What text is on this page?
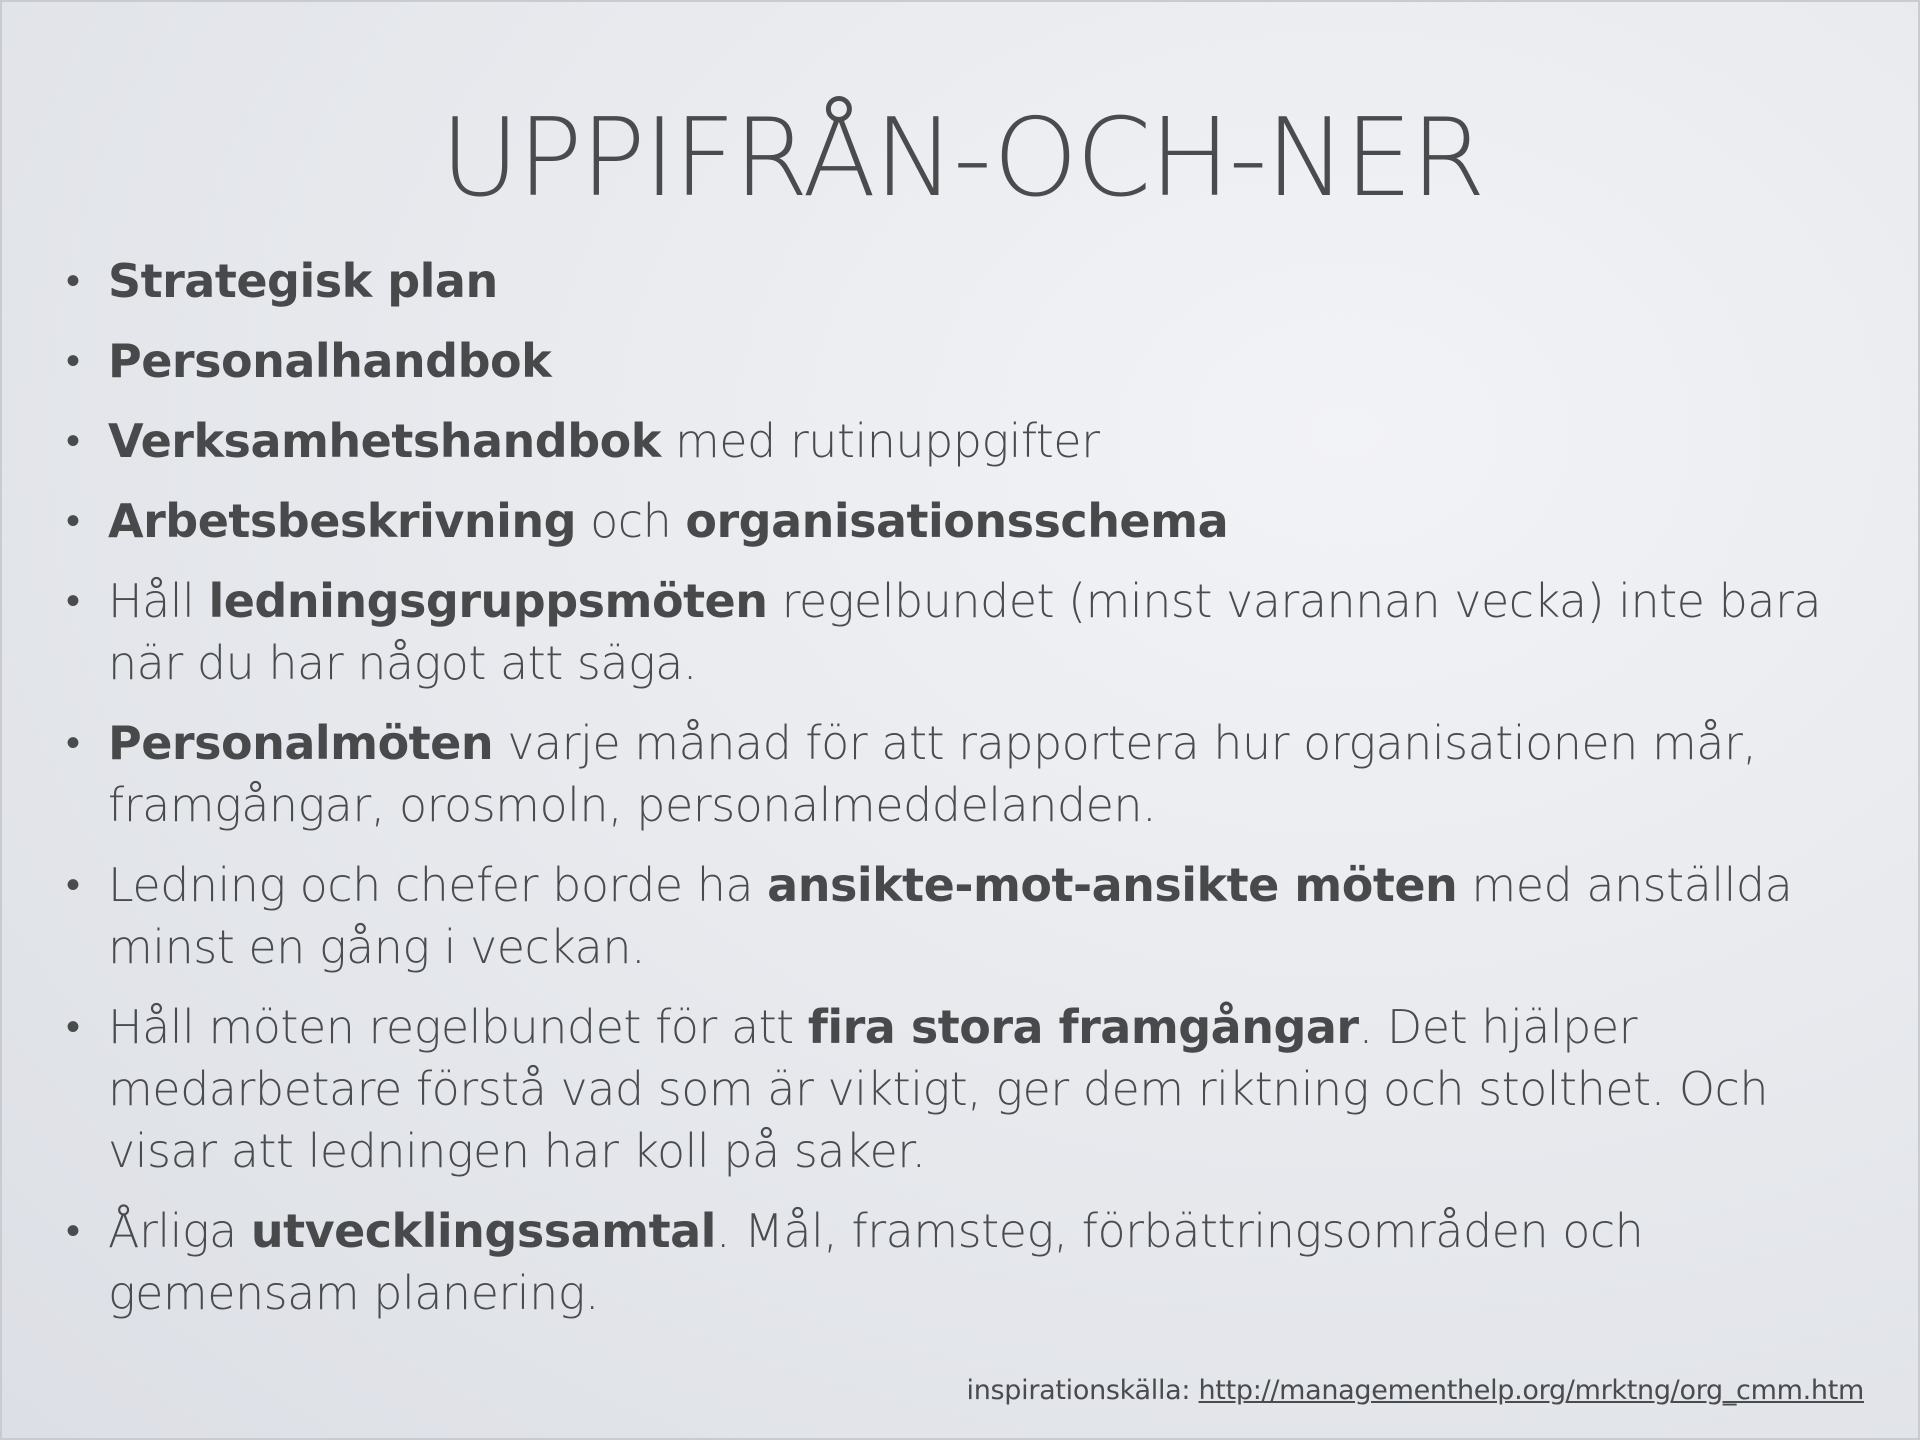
UPPIFRÅN-OCH-NER
• Strategisk plan
• Personalhandbok
• Verksamhetshandbok med rutinuppgifter
• Arbetsbeskrivning och organisationsschema
• Håll ledningsgruppsmöten regelbundet (minst varannan vecka) inte bara när du har något att säga.
• Personalmöten varje månad för att rapportera hur organisationen mår, framgångar, orosmoln, personalmeddelanden.
• Ledning och chefer borde ha ansikte-mot-ansikte möten med anställda minst en gång i veckan.
• Håll möten regelbundet för att fira stora framgångar. Det hjälper medarbetare förstå vad som är viktigt, ger dem riktning och stolthet. Och visar att ledningen har koll på saker.
• Årliga utvecklingssamtal. Mål, framsteg, förbättringsområden och gemensam planering.
inspirationskälla: http://managementhelp.org/mrktng/org_cmm.htm
